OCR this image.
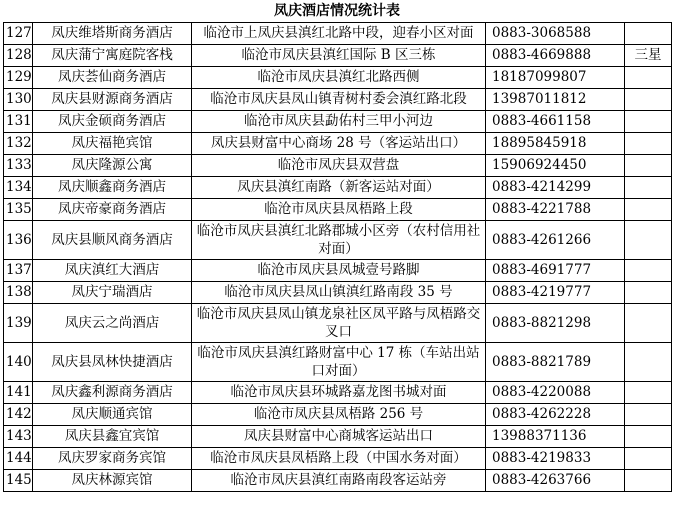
凤庆酒店情况统计表
127	凤庆维塔斯商务酒店	临沧市上凤庆县滇红北路中段，迎春小区对面	0883-3068588	
128	凤庆蒲宁寓庭院客栈	临沧市凤庆县滇红国际 B 区三栋	0883-4669888	三星
129	凤庆荟仙商务酒店	临沧市凤庆县滇红北路西侧	18187099807	
130	凤庆县财源商务酒店	临沧市凤庆县凤山镇青树村委会滇红路北段	13987011812	
131	凤庆金硕商务酒店	临沧市凤庆县勐佑村三甲小河边	0883-4661158	
132	凤庆福艳宾馆	凤庆县财富中心商场 28 号（客运站出口）	18895845918	
133	凤庆隆源公寓	临沧市凤庆县双营盘	15906924450	
134	凤庆顺鑫商务酒店	凤庆县滇红南路（新客运站对面）	0883-4214299	
135	凤庆帝豪商务酒店	临沧市凤庆县凤梧路上段	0883-4221788	
136	凤庆县顺风商务酒店	临沧市凤庆县滇红北路郡城小区旁（农村信用社对面）	0883-4261266	
137	凤庆滇红大酒店	临沧市凤庆县凤城壹号路脚	0883-4691777	
138	凤庆宁瑞酒店	临沧市凤庆县凤山镇滇红路南段 35 号	0883-4219777	
139	凤庆云之尚酒店	临沧市凤庆县凤山镇龙泉社区凤平路与凤梧路交叉口	0883-8821298	
140	凤庆县凤林快捷酒店	临沧市凤庆县滇红路财富中心 17 栋（车站出站口对面）	0883-8821789	
141	凤庆鑫利源商务酒店	临沧市凤庆县环城路嘉龙图书城对面	0883-4220088	
142	凤庆顺通宾馆	临沧市凤庆县凤梧路 256 号	0883-4262228	
143	凤庆县鑫宜宾馆	凤庆县财富中心商城客运站出口	13988371136	
144	凤庆罗家商务宾馆	临沧市凤庆县凤梧路上段（中国水务对面）	0883-4219833	
145	凤庆林源宾馆	临沧市凤庆县滇红南路南段客运站旁	0883-4263766	
